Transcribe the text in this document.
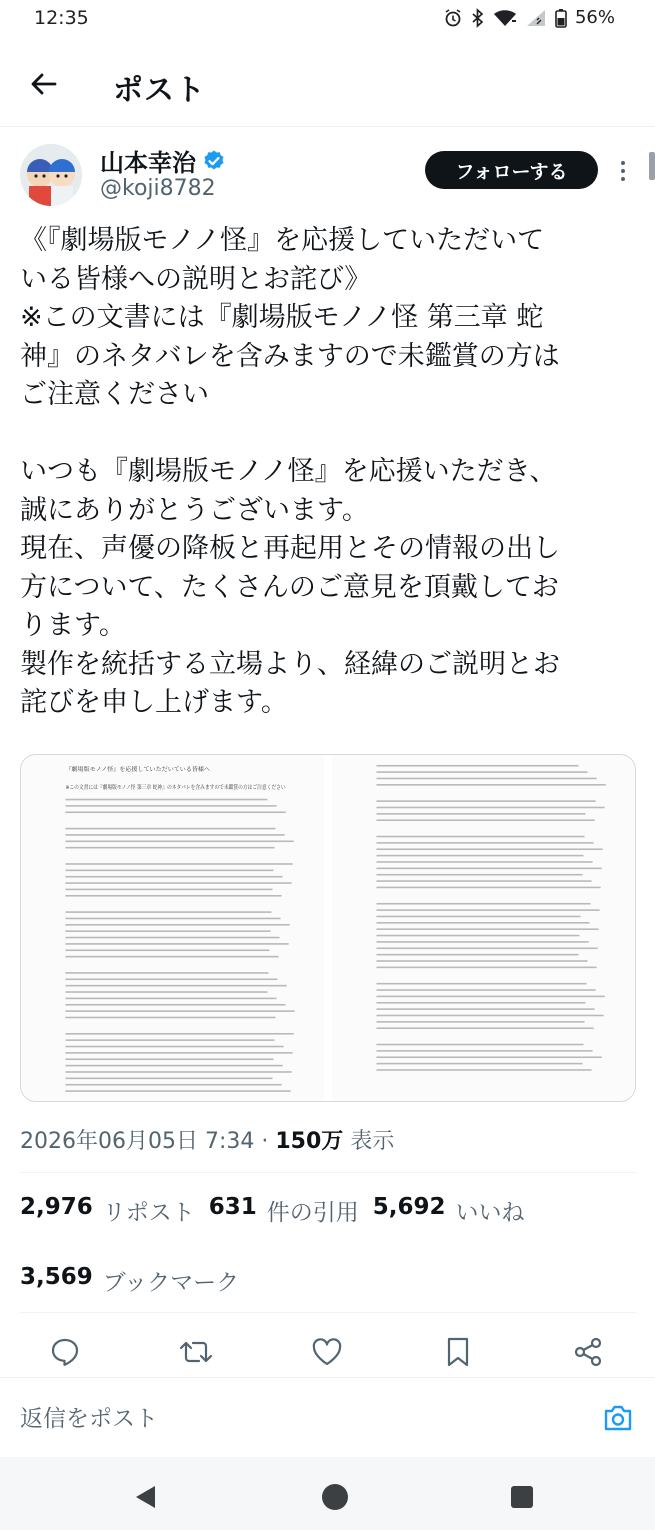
12:35	56%
ポスト
山本幸治
@koji8782
フォローする
《『劇場版モノノ怪』を応援していただいて
いる皆様への説明とお詫び》
※この文書には『劇場版モノノ怪 第三章 蛇
神』のネタバレを含みますので未鑑賞の方は
ご注意ください

いつも『劇場版モノノ怪』を応援いただき、
誠にありがとうございます。
現在、声優の降板と再起用とその情報の出し
方について、たくさんのご意見を頂戴してお
ります。
製作を統括する立場より、経緯のご説明とお
詫びを申し上げます。
『劇場版モノノ怪』を応援していただいている皆様へ
※この文書には『劇場版モノノ怪 第三章 蛇神』のネタバレを含みますので未鑑賞の方はご注意ください
2026年06月05日 7:34 · 150万 表示
2,976 リポスト 631 件の引用 5,692 いいね
3,569 ブックマーク
返信をポスト
